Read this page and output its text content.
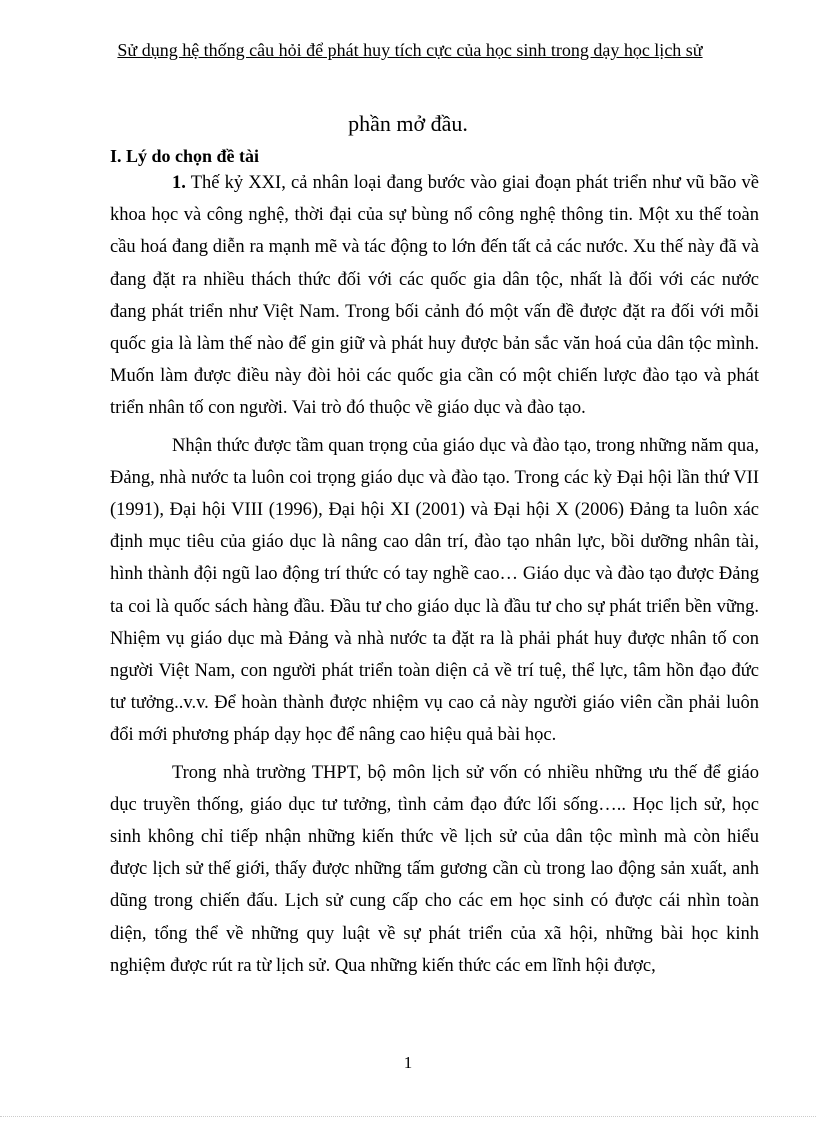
Sử dụng hệ thống câu hỏi để phát huy tích cực của học sinh trong dạy học lịch sử
phần mở đầu.
I. Lý do chọn đề tài

1. Thế kỷ XXI, cả nhân loại đang bước vào giai đoạn phát triển như vũ bão về khoa học và công nghệ, thời đại của sự bùng nổ công nghệ thông tin. Một xu thế toàn cầu hoá đang diễn ra mạnh mẽ và tác động to lớn đến tất cả các nước. Xu thế này đã và đang đặt ra nhiều thách thức đối với các quốc gia dân tộc, nhất là đối với các nước đang phát triển như Việt Nam. Trong bối cảnh đó một vấn đề được đặt ra đối với mỗi quốc gia là làm thế nào để gin giữ và phát huy được bản sắc văn hoá của dân tộc mình. Muốn làm được điều này đòi hỏi các quốc gia cần có một chiến lược đào tạo và phát triển nhân tố con người. Vai trò đó thuộc về giáo dục và đào tạo.

Nhận thức được tầm quan trọng của giáo dục và đào tạo, trong những năm qua, Đảng, nhà nước ta luôn coi trọng giáo dục và đào tạo. Trong các kỳ Đại hội lần thứ VII (1991), Đại hội VIII (1996), Đại hội XI (2001) và Đại hội X (2006) Đảng ta luôn xác định mục tiêu của giáo dục là nâng cao dân trí, đào tạo nhân lực, bồi dưỡng nhân tài, hình thành đội ngũ lao động trí thức có tay nghề cao… Giáo dục và đào tạo được Đảng ta coi là quốc sách hàng đầu. Đầu tư cho giáo dục là đầu tư cho sự phát triển bền vững. Nhiệm vụ giáo dục mà Đảng và nhà nước ta đặt ra là phải phát huy được nhân tố con người Việt Nam, con người phát triển toàn diện cả về trí tuệ, thể lực, tâm hồn đạo đức tư tưởng..v.v. Để hoàn thành được nhiệm vụ cao cả này người giáo viên cần phải luôn đổi mới phương pháp dạy học để nâng cao hiệu quả bài học.

Trong nhà trường THPT, bộ môn lịch sử vốn có nhiều những ưu thế để giáo dục truyền thống, giáo dục tư tưởng, tình cảm đạo đức lối sống….. Học lịch sử, học sinh không chỉ tiếp nhận những kiến thức về lịch sử của dân tộc mình mà còn hiểu được lịch sử thế giới, thấy được những tấm gương cần cù trong lao động sản xuất, anh dũng trong chiến đấu. Lịch sử cung cấp cho các em học sinh có được cái nhìn toàn diện, tổng thể về những quy luật về sự phát triển của xã hội, những bài học kinh nghiệm được rút ra từ lịch sử. Qua những kiến thức các em lĩnh hội được,

1
